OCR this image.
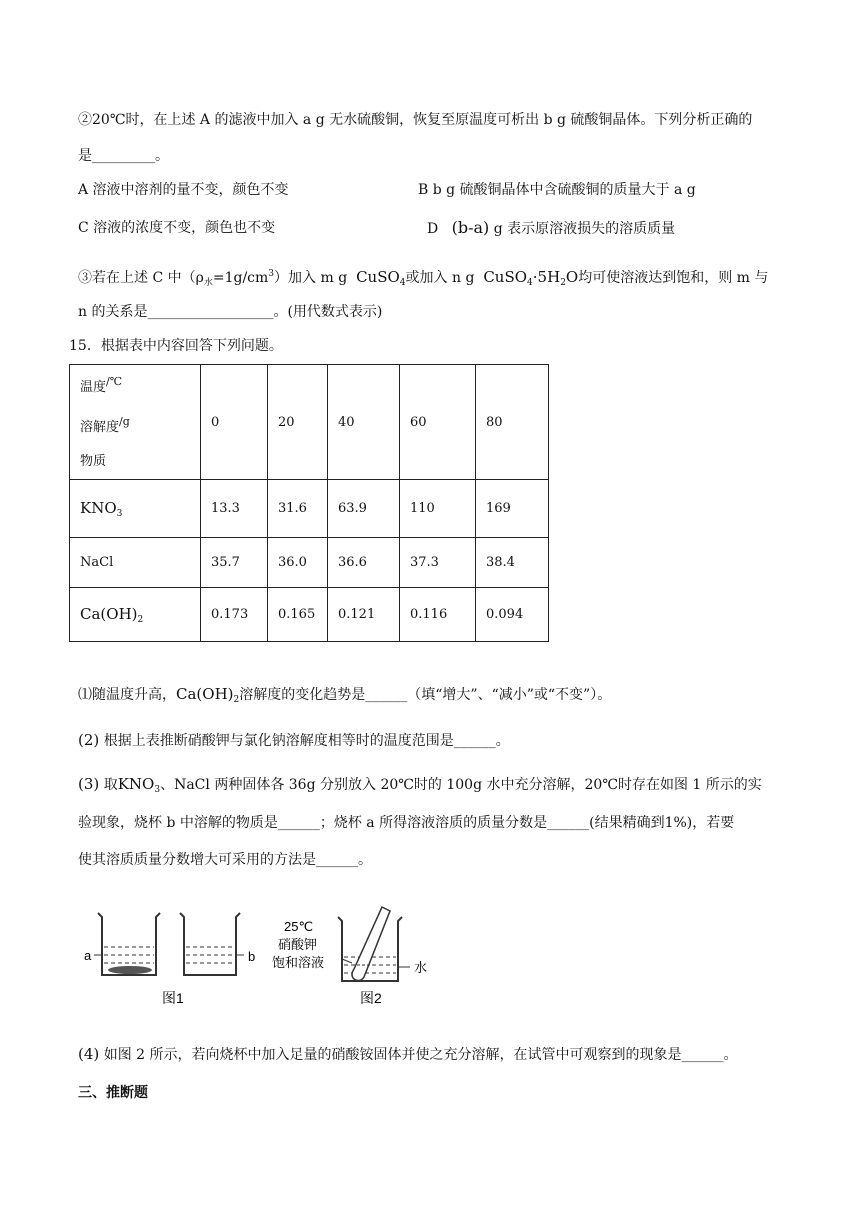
②20℃时，在上述 A 的滤液中加入 a g 无水硫酸铜，恢复至原温度可析出 b g 硫酸铜晶体。下列分析正确的
是_________。
A 溶液中溶剂的量不变，颜色不变	B b g 硫酸铜晶体中含硫酸铜的质量大于 a g
C 溶液的浓度不变，颜色也不变	D (b-a) g 表示原溶液损失的溶质质量
③若在上述 C 中$(\rho_水=1g/cm^3)$加入 m g CuSO$_4$或加入 n g $CuSO_4\cdot 5H_2O$均可使溶液达到饱和，则 m 与
n 的关系是__________________。(用代数式表示)
15．根据表中内容回答下列问题。
温度/℃
溶解度$^{/g}$
物质	0	20	40	60	80
$KNO_3$	13.3	31.6	63.9	110	169
NaCl	35.7	36.0	36.6	37.3	38.4
$Ca(OH)_2$	0.173	0.165	0.121	0.116	0.094
⑴随温度升高，$Ca(OH)_2$溶解度的变化趋势是______（填“增大”、“减小”或“不变”）。
(2) 根据上表推断硝酸钾与氯化钠溶解度相等时的温度范围是______。
(3) 取$KNO_3$、NaCl 两种固体各 36g 分别放入 20℃时的 100g 水中充分溶解，20℃时存在如图 1 所示的实
验现象，烧杯 b 中溶解的物质是______；烧杯 a 所得溶液溶质的质量分数是______(结果精确到1%)，若要
使其溶质质量分数增大可采用的方法是______。
a	b
图1
25℃
硝酸钾
饱和溶液	水
图2
(4) 如图 2 所示，若向烧杯中加入足量的硝酸铵固体并使之充分溶解，在试管中可观察到的现象是______。
三、推断题
